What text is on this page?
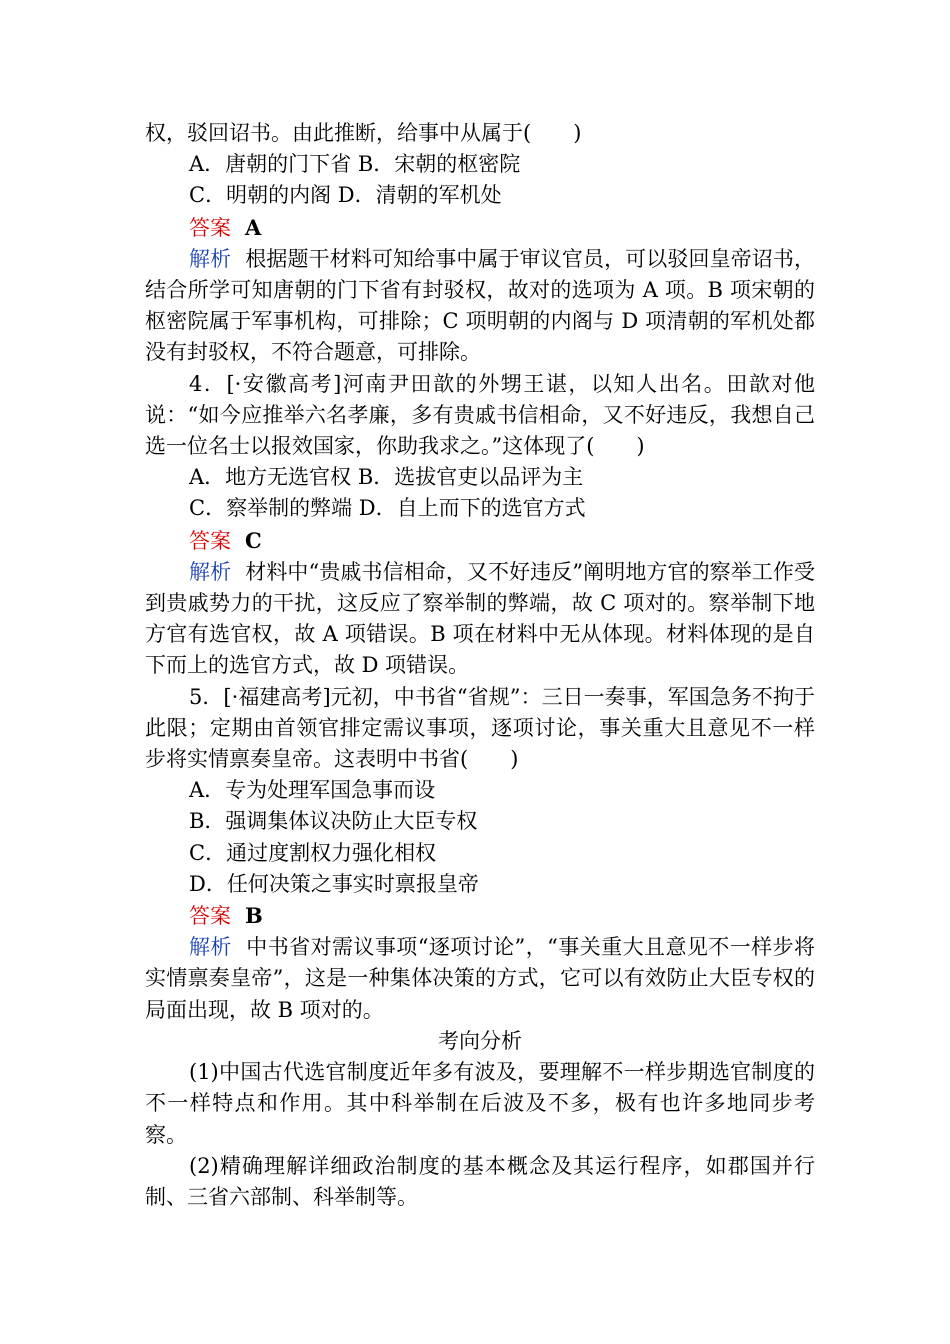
权，驳回诏书。由此推断，给事中从属于(　　)

A．唐朝的门下省 B．宋朝的枢密院

C．明朝的内阁 D．清朝的军机处

答案 A

解析 根据题干材料可知给事中属于审议官员，可以驳回皇帝诏书，结合所学可知唐朝的门下省有封驳权，故对的选项为 A 项。B 项宋朝的枢密院属于军事机构，可排除；C 项明朝的内阁与 D 项清朝的军机处都没有封驳权，不符合题意，可排除。

4．[·安徽高考]河南尹田歆的外甥王谌，以知人出名。田歆对他说：“如今应推举六名孝廉，多有贵戚书信相命，又不好违反，我想自己选一位名士以报效国家，你助我求之。”这体现了(　　)

A．地方无选官权 B．选拔官吏以品评为主

C．察举制的弊端 D．自上而下的选官方式

答案 C

解析 材料中“贵戚书信相命，又不好违反”阐明地方官的察举工作受到贵戚势力的干扰，这反应了察举制的弊端，故 C 项对的。察举制下地方官有选官权，故 A 项错误。B 项在材料中无从体现。材料体现的是自下而上的选官方式，故 D 项错误。

5．[·福建高考]元初，中书省“省规”：三日一奏事，军国急务不拘于此限；定期由首领官排定需议事项，逐项讨论，事关重大且意见不一样步将实情禀奏皇帝。这表明中书省(　　)

A．专为处理军国急事而设

B．强调集体议决防止大臣专权

C．通过度割权力强化相权

D．任何决策之事实时禀报皇帝

答案 B

解析 中书省对需议事项“逐项讨论”，“事关重大且意见不一样步将实情禀奏皇帝”，这是一种集体决策的方式，它可以有效防止大臣专权的局面出现，故 B 项对的。

考向分析

(1)中国古代选官制度近年多有波及，要理解不一样步期选官制度的不一样特点和作用。其中科举制在后波及不多，极有也许多地同步考察。

(2)精确理解详细政治制度的基本概念及其运行程序，如郡国并行制、三省六部制、科举制等。
